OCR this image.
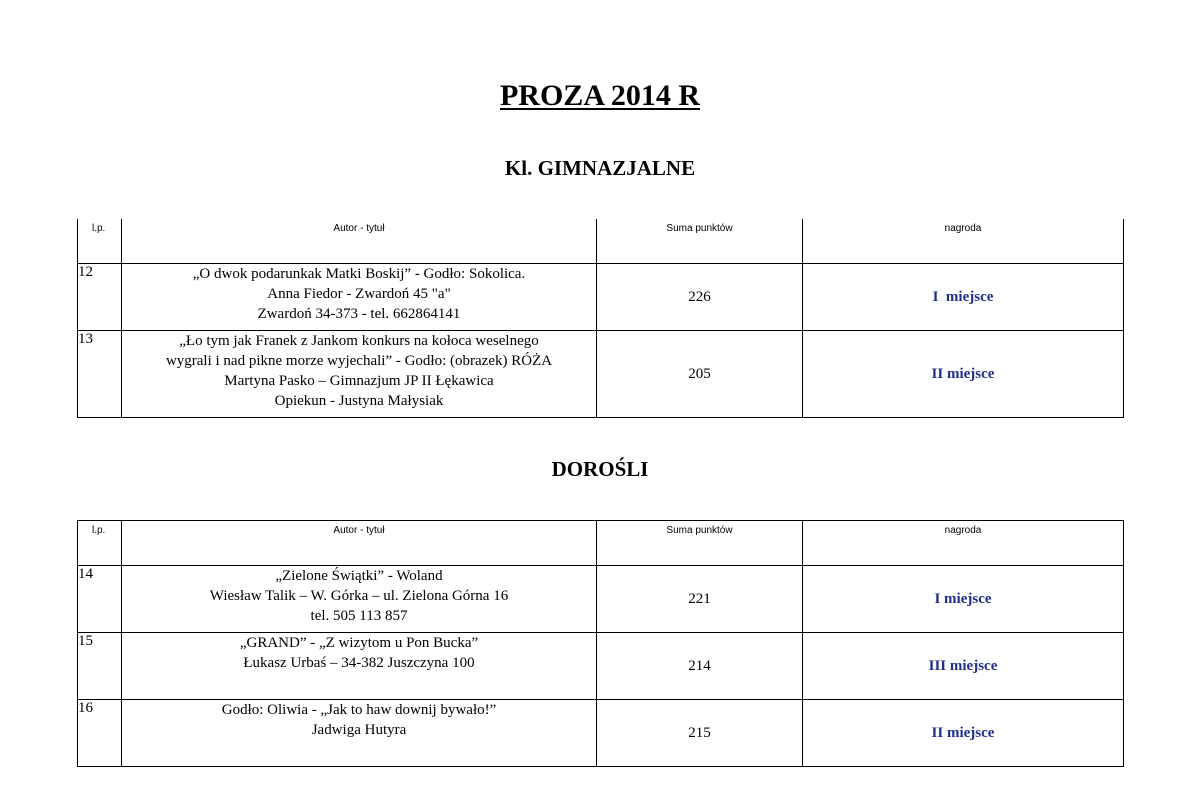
PROZA 2014 R
Kl. GIMNAZJALNE
l.p.	Autor - tytuł	Suma punktów	nagroda
12	„O dwok podarunkak Matki Boskij” - Godło: Sokolica.
Anna Fiedor - Zwardoń 45 "a"
Zwardoń 34-373 - tel. 662864141	226	I  miejsce
13	„Ło tym jak Franek z Jankom konkurs na kołoca weselnego
wygrali i nad pikne morze wyjechali” - Godło: (obrazek) RÓŻA
Martyna Pasko – Gimnazjum JP II Łękawica
Opiekun - Justyna Małysiak	205	II miejsce
DOROŚLI
l.p.	Autor - tytuł	Suma punktów	nagroda
14	„Zielone Świątki” - Woland
Wiesław Talik – W. Górka – ul. Zielona Górna 16
tel. 505 113 857	221	I miejsce
15	„GRAND” - „Z wizytom u Pon Bucka”
Łukasz Urbaś – 34-382 Juszczyna 100	214	III miejsce
16	Godło: Oliwia - „Jak to haw downij bywało!”
Jadwiga Hutyra	215	II miejsce
